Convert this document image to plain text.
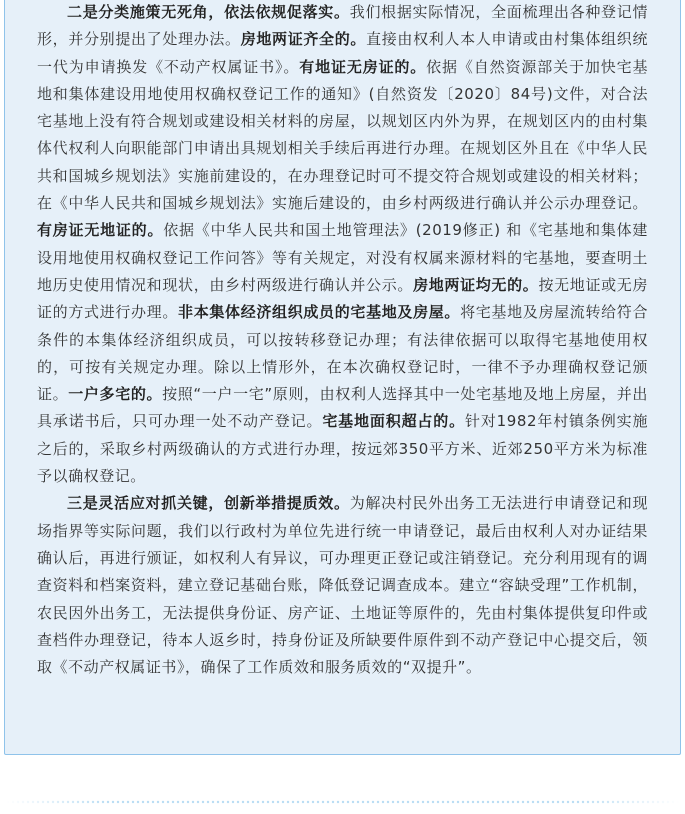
二是分类施策无死角，依法依规促落实。我们根据实际情况，全面梳理出各种登记情形，并分别提出了处理办法。房地两证齐全的。直接由权利人本人申请或由村集体组织统一代为申请换发《不动产权属证书》。有地证无房证的。依据《自然资源部关于加快宅基地和集体建设用地使用权确权登记工作的通知》(自然资发〔2020〕84号)文件，对合法宅基地上没有符合规划或建设相关材料的房屋，以规划区内外为界，在规划区内的由村集体代权利人向职能部门申请出具规划相关手续后再进行办理。在规划区外且在《中华人民共和国城乡规划法》实施前建设的，在办理登记时可不提交符合规划或建设的相关材料；在《中华人民共和国城乡规划法》实施后建设的，由乡村两级进行确认并公示办理登记。有房证无地证的。依据《中华人民共和国土地管理法》(2019修正) 和《宅基地和集体建设用地使用权确权登记工作问答》等有关规定，对没有权属来源材料的宅基地，要查明土地历史使用情况和现状，由乡村两级进行确认并公示。房地两证均无的。按无地证或无房证的方式进行办理。非本集体经济组织成员的宅基地及房屋。将宅基地及房屋流转给符合条件的本集体经济组织成员，可以按转移登记办理；有法律依据可以取得宅基地使用权的，可按有关规定办理。除以上情形外，在本次确权登记时，一律不予办理确权登记颁证。一户多宅的。按照“一户一宅”原则，由权利人选择其中一处宅基地及地上房屋，并出具承诺书后，只可办理一处不动产登记。宅基地面积超占的。针对1982年村镇条例实施之后的，采取乡村两级确认的方式进行办理，按远郊350平方米、近郊250平方米为标准予以确权登记。

三是灵活应对抓关键，创新举措提质效。为解决村民外出务工无法进行申请登记和现场指界等实际问题，我们以行政村为单位先进行统一申请登记，最后由权利人对办证结果确认后，再进行颁证，如权利人有异议，可办理更正登记或注销登记。充分利用现有的调查资料和档案资料，建立登记基础台账，降低登记调查成本。建立“容缺受理”工作机制，农民因外出务工，无法提供身份证、房产证、土地证等原件的，先由村集体提供复印件或查档件办理登记，待本人返乡时，持身份证及所缺要件原件到不动产登记中心提交后，领取《不动产权属证书》，确保了工作质效和服务质效的“双提升”。
